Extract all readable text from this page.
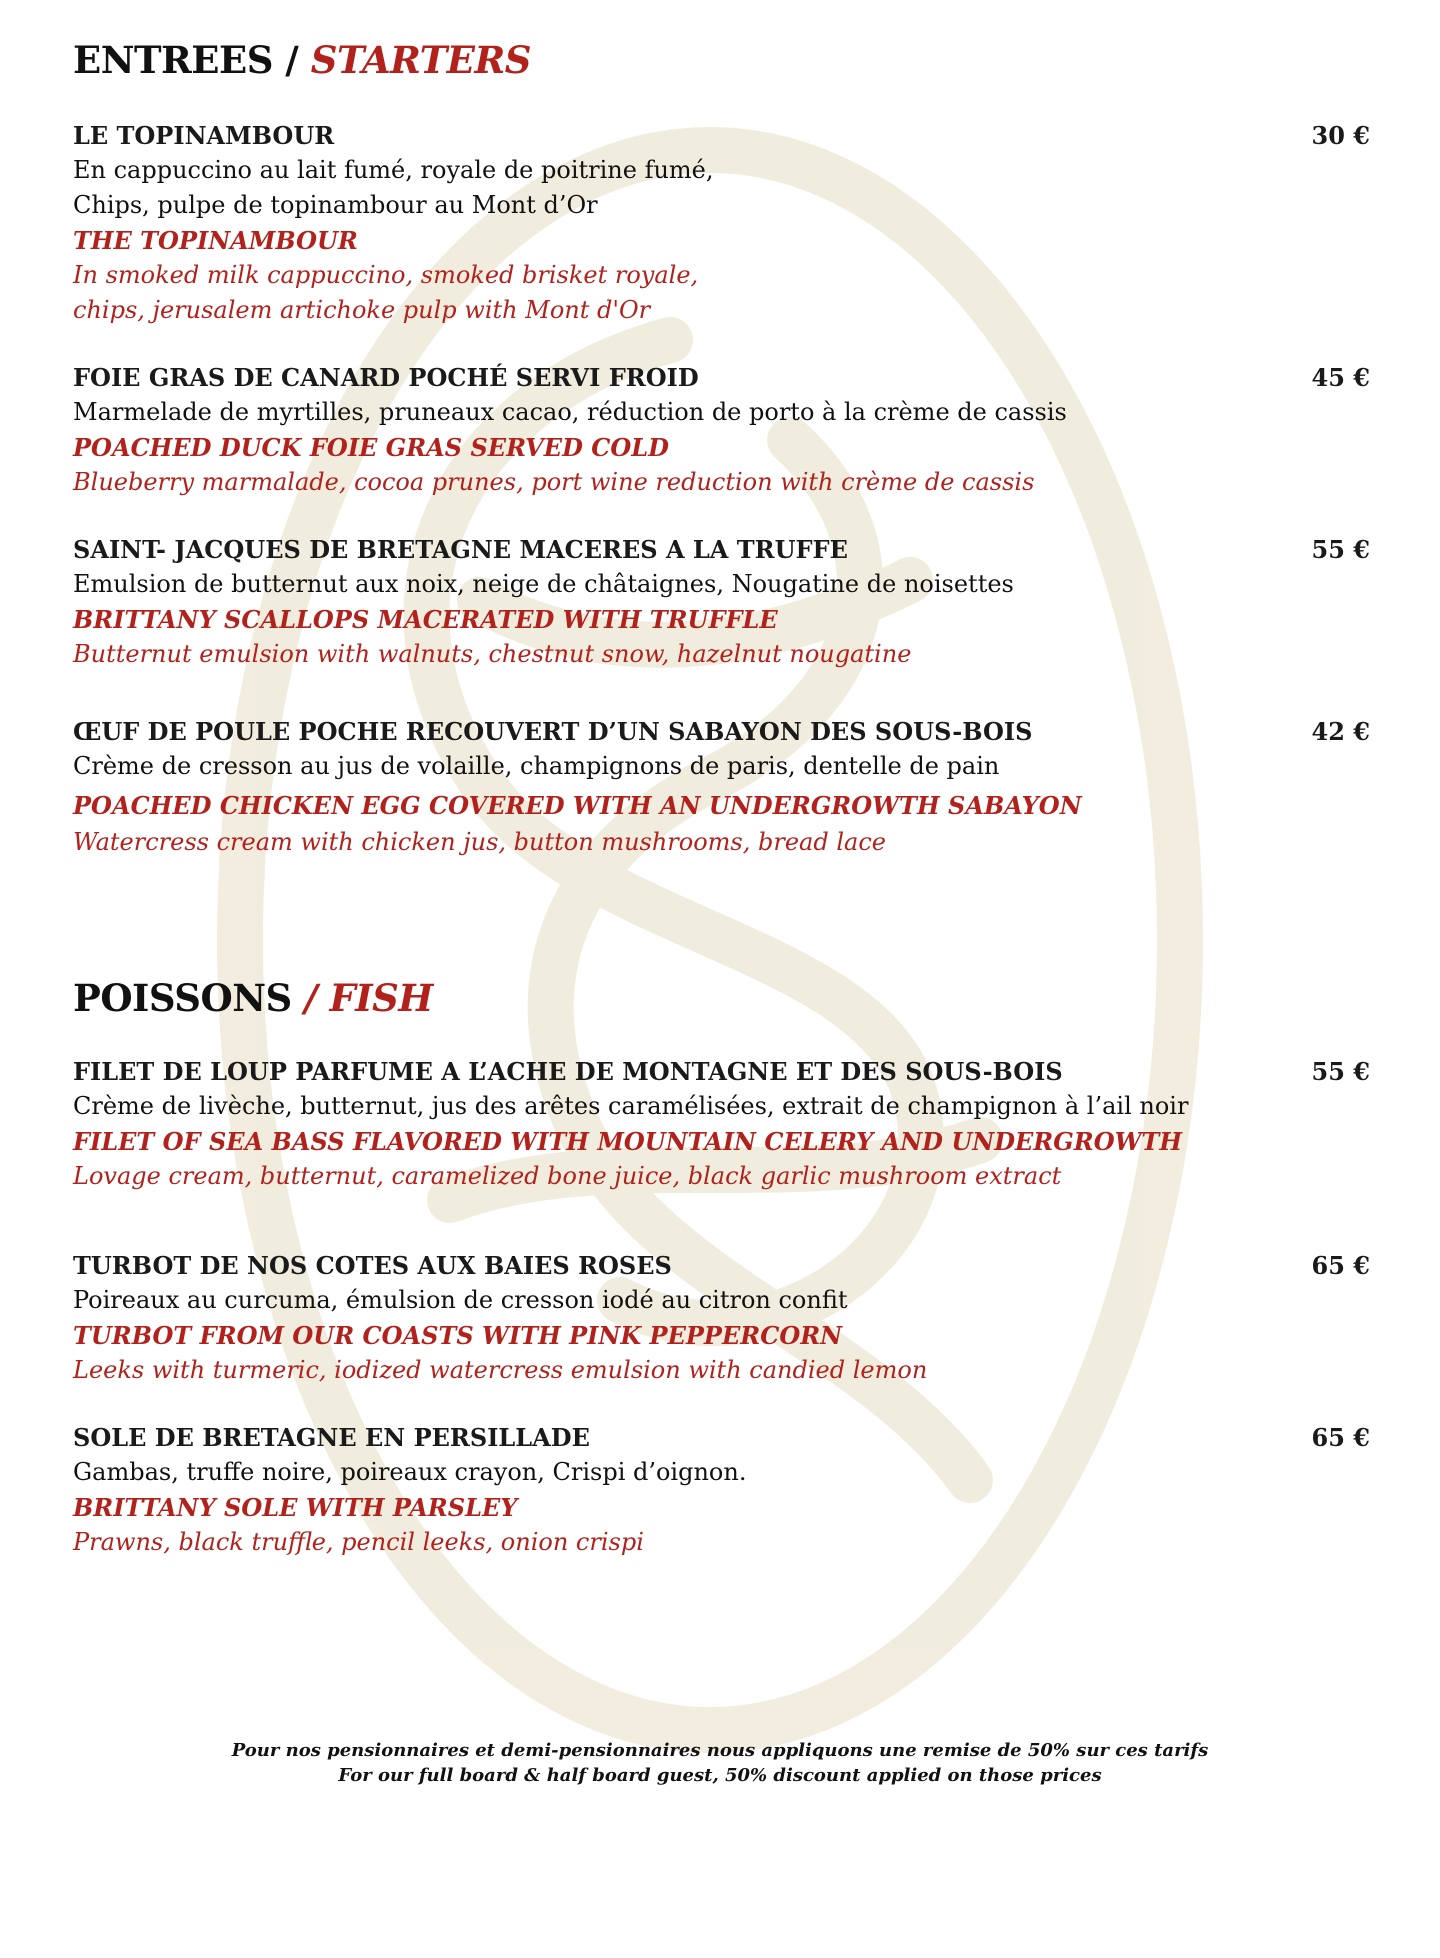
ENTREES / STARTERS
LE TOPINAMBOUR
En cappuccino au lait fumé, royale de poitrine fumé,
Chips, pulpe de topinambour au Mont d’Or
THE TOPINAMBOUR
In smoked milk cappuccino, smoked brisket royale,
chips, jerusalem artichoke pulp with Mont d'Or
30 €
FOIE GRAS DE CANARD POCHÉ SERVI FROID
Marmelade de myrtilles, pruneaux cacao, réduction de porto à la crème de cassis
POACHED DUCK FOIE GRAS SERVED COLD
Blueberry marmalade, cocoa prunes, port wine reduction with crème de cassis
45 €
SAINT- JACQUES DE BRETAGNE MACERES A LA TRUFFE
Emulsion de butternut aux noix, neige de châtaignes, Nougatine de noisettes
BRITTANY SCALLOPS MACERATED WITH TRUFFLE
Butternut emulsion with walnuts, chestnut snow, hazelnut nougatine
55 €
ŒUF DE POULE POCHE RECOUVERT D’UN SABAYON DES SOUS-BOIS
Crème de cresson au jus de volaille, champignons de paris, dentelle de pain
POACHED CHICKEN EGG COVERED WITH AN UNDERGROWTH SABAYON
Watercress cream with chicken jus, button mushrooms, bread lace
42 €
POISSONS / FISH
FILET DE LOUP PARFUME A L’ACHE DE MONTAGNE ET DES SOUS-BOIS
Crème de livèche, butternut, jus des arêtes caramélisées, extrait de champignon à l’ail noir
FILET OF SEA BASS FLAVORED WITH MOUNTAIN CELERY AND UNDERGROWTH
Lovage cream, butternut, caramelized bone juice, black garlic mushroom extract
55 €
TURBOT DE NOS COTES AUX BAIES ROSES
Poireaux au curcuma, émulsion de cresson iodé au citron confit
TURBOT FROM OUR COASTS WITH PINK PEPPERCORN
Leeks with turmeric, iodized watercress emulsion with candied lemon
65 €
SOLE DE BRETAGNE EN PERSILLADE
Gambas, truffe noire, poireaux crayon, Crispi d’oignon.
BRITTANY SOLE WITH PARSLEY
Prawns, black truffle, pencil leeks, onion crispi
65 €
Pour nos pensionnaires et demi-pensionnaires nous appliquons une remise de 50% sur ces tarifs
For our full board & half board guest, 50% discount applied on those prices
